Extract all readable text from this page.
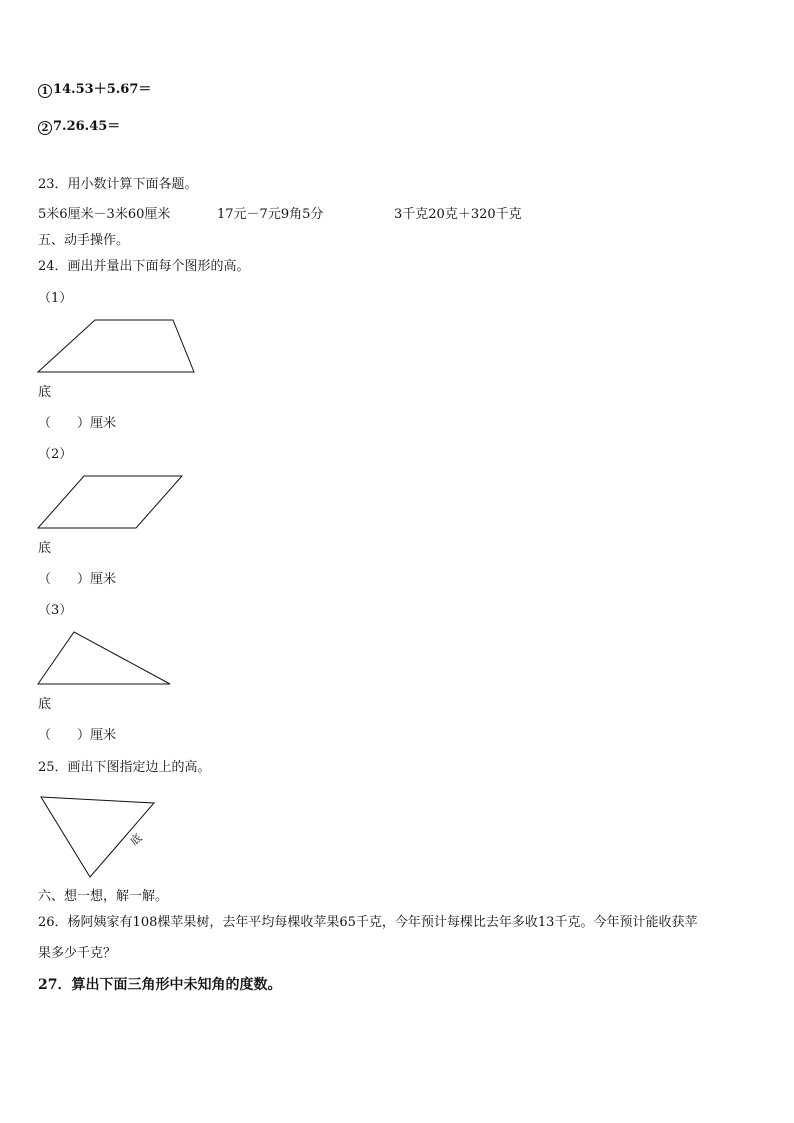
1 14.53＋5.67＝
2 7.26.45＝
23．用小数计算下面各题。
5米6厘米－3米60厘米	17元－7元9角5分	3千克20克＋320千克
五、动手操作。
24．画出并量出下面每个图形的高。
（1）
底
（　　）厘米
（2）
底
（　　）厘米
（3）
底
（　　）厘米
25．画出下图指定边上的高。
底
六、想一想，解一解。
26．杨阿姨家有108棵苹果树，去年平均每棵收苹果65千克，今年预计每棵比去年多收13千克。今年预计能收获苹
果多少千克？
27．算出下面三角形中未知角的度数。
